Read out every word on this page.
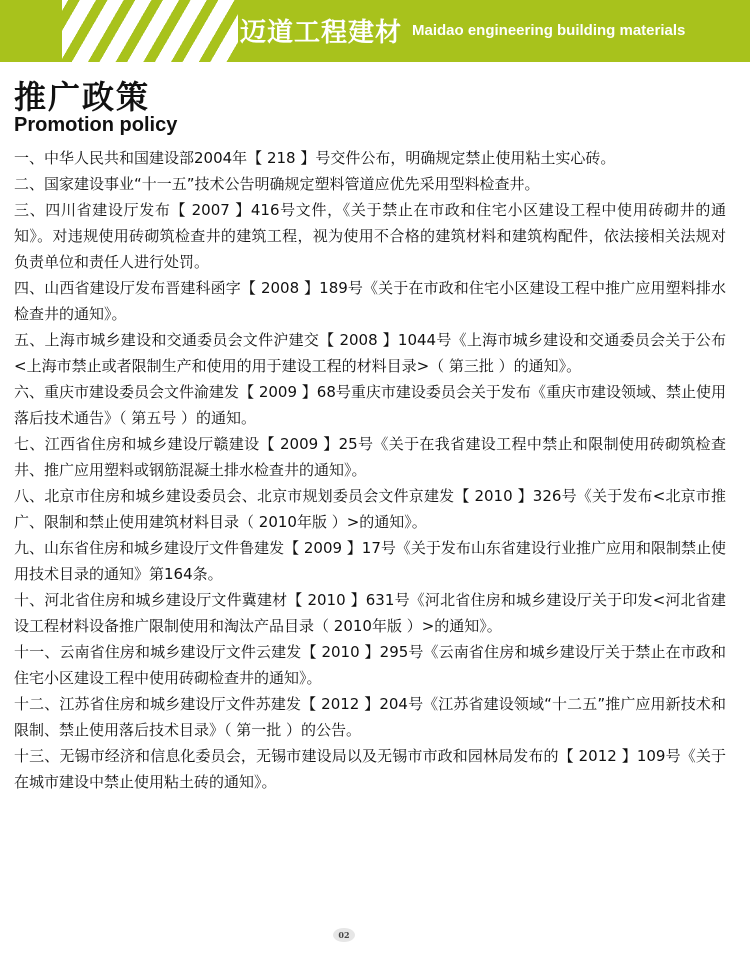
迈道工程建材 Maidao engineering building materials
推广政策
Promotion policy
一、中华人民共和国建设部2004年【 218 】号交件公布，明确规定禁止使用粘土实心砖。
二、国家建设事业“十一五”技术公告明确规定塑料管道应优先采用型料检查井。
三、四川省建设厅发布【 2007 】416号文件，《关于禁止在市政和住宅小区建设工程中使用砖砌井的通知》。对违规使用砖砌筑检查井的建筑工程，视为使用不合格的建筑材料和建筑构配件，依法接相关法规对负责单位和责任人进行处罚。
四、山西省建设厅发布晋建科函字【 2008 】189号《关于在市政和住宅小区建设工程中推广应用塑料排水检查井的通知》。
五、上海市城乡建设和交通委员会文件沪建交【 2008 】1044号《上海市城乡建设和交通委员会关于公布<上海市禁止或者限制生产和使用的用于建设工程的材料目录>（ 第三批 ）的通知》。
六、重庆市建设委员会文件渝建发【 2009 】68号重庆市建设委员会关于发布《重庆市建设领域、禁止使用落后技术通告》（ 第五号 ）的通知。
七、江西省住房和城乡建设厅赣建设【 2009 】25号《关于在我省建设工程中禁止和限制使用砖砌筑检查井、推广应用塑料或钢筋混凝土排水检查井的通知》。
八、北京市住房和城乡建设委员会、北京市规划委员会文件京建发【 2010 】326号《关于发布<北京市推广、限制和禁止使用建筑材料目录（ 2010年版 ）>的通知》。
九、山东省住房和城乡建设厅文件鲁建发【 2009 】17号《关于发布山东省建设行业推广应用和限制禁止使用技术目录的通知》第164条。
十、河北省住房和城乡建设厅文件冀建材【 2010 】631号《河北省住房和城乡建设厅关于印发<河北省建设工程材料设备推广限制使用和淘汰产品目录（ 2010年版 ）>的通知》。
十一、云南省住房和城乡建设厅文件云建发【 2010 】295号《云南省住房和城乡建设厅关于禁止在市政和住宅小区建设工程中使用砖砌检查井的通知》。
十二、江苏省住房和城乡建设厅文件苏建发【 2012 】204号《江苏省建设领域“十二五”推广应用新技术和限制、禁止使用落后技术目录》（ 第一批 ）的公告。
十三、无锡市经济和信息化委员会，无锡市建设局以及无锡市市政和园林局发布的【 2012 】109号《关于在城市建设中禁止使用粘土砖的通知》。
02
